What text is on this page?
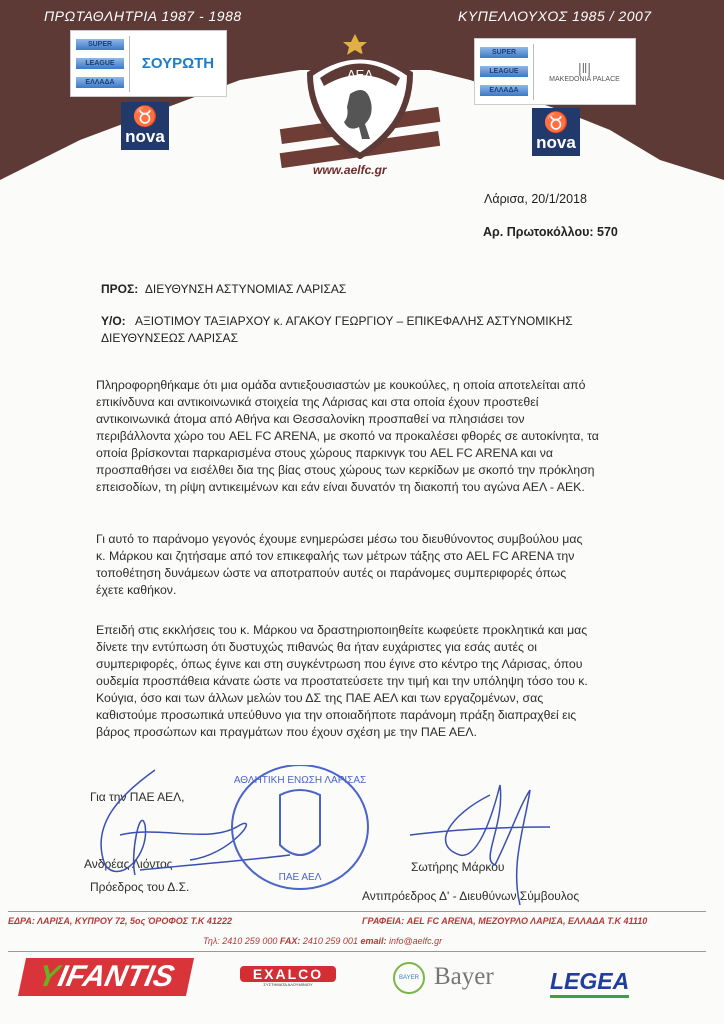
ΠΡΩΤΑΘΛΗΤΡΙΑ 1987 - 1988	ΚΥΠΕΛΛΟΥΧΟΣ 1985 / 2007
SUPER
LEAGUE
ΕΛΛΑΔΑ
ΣΟΥΡΩΤΗ
SUPER
LEAGUE
ΕΛΛΑΔΑ
|‖|
MAKEDONIA PALACE
♉
nova
♉
nova
ΑΕΛ
www.aelfc.gr
Λάρισα, 20/1/2018
Αρ. Πρωτοκόλλου: 570
ΠΡΟΣ: ΔΙΕΥΘΥΝΣΗ ΑΣΤΥΝΟΜΙΑΣ ΛΑΡΙΣΑΣ
Υ/Ο: ΑΞΙΟΤΙΜΟΥ ΤΑΞΙΑΡΧΟΥ κ. ΑΓΑΚΟΥ ΓΕΩΡΓΙΟΥ – ΕΠΙΚΕΦΑΛΗΣ ΑΣΤΥΝΟΜΙΚΗΣ
ΔΙΕΥΘΥΝΣΕΩΣ ΛΑΡΙΣΑΣ
Πληροφορηθήκαμε ότι μια ομάδα αντιεξουσιαστών με κουκούλες, η οποία αποτελείται από
επικίνδυνα και αντικοινωνικά στοιχεία της Λάρισας και στα οποία έχουν προστεθεί
αντικοινωνικά άτομα από Αθήνα και Θεσσαλονίκη προσπαθεί να πλησιάσει τον
περιβάλλοντα χώρο του AEL FC ARENA, με σκοπό να προκαλέσει φθορές σε αυτοκίνητα, τα
οποία βρίσκονται παρκαρισμένα στους χώρους παρκινγκ του AEL FC ARENA και να
προσπαθήσει να εισέλθει δια της βίας στους χώρους των κερκίδων με σκοπό την πρόκληση
επεισοδίων, τη ρίψη αντικειμένων και εάν είναι δυνατόν τη διακοπή του αγώνα ΑΕΛ - ΑΕΚ.
Γι αυτό το παράνομο γεγονός έχουμε ενημερώσει μέσω του διευθύνοντος συμβούλου μας
κ. Μάρκου και ζητήσαμε από τον επικεφαλής των μέτρων τάξης στο AEL FC ARENA την
τοποθέτηση δυνάμεων ώστε να αποτραπούν αυτές οι παράνομες συμπεριφορές όπως
έχετε καθήκον.
Επειδή στις εκκλήσεις του κ. Μάρκου να δραστηριοποιηθείτε κωφεύετε προκλητικά και μας
δίνετε την εντύπωση ότι δυστυχώς πιθανώς θα ήταν ευχάριστες για εσάς αυτές οι
συμπεριφορές, όπως έγινε και στη συγκέντρωση που έγινε στο κέντρο της Λάρισας, όπου
ουδεμία προσπάθεια κάνατε ώστε να προστατεύσετε την τιμή και την υπόληψη τόσο του κ.
Κούγια, όσο και των άλλων μελών του ΔΣ της ΠΑΕ ΑΕΛ και των εργαζομένων, σας
καθιστούμε προσωπικά υπεύθυνο για την οποιαδήποτε παράνομη πράξη διαπραχθεί εις
βάρος προσώπων και πραγμάτων που έχουν σχέση με την ΠΑΕ ΑΕΛ.
Για την ΠΑΕ ΑΕΛ,
Ανδρέας Λιόντος
Πρόεδρος του Δ.Σ.
Σωτήρης Μάρκου
Αντιπρόεδρος Δ' - Διευθύνων Σύμβουλος
ΑΘΛΗΤΙΚΗ ΕΝΩΣΗ ΛΑΡΙΣΑΣ
ΠΑΕ ΑΕΛ
ΕΔΡΑ: ΛΑΡΙΣΑ, ΚΥΠΡΟΥ 72, 5ος ΌΡΟΦΟΣ Τ.Κ 41222	ΓΡΑΦΕΙΑ: AEL FC ARENA, ΜΕΖΟΥΡΛΟ ΛΑΡΙΣΑ, ΕΛΛΑΔΑ Τ.Κ 41110
Τηλ: 2410 259 000 FAX: 2410 259 001 email: info@aelfc.gr
YIFANTIS	EXALCO
ΣΥΣΤΗΜΑΤΑ ΑΛΟΥΜΙΝΙΟΥ
BAYER Bayer LEGEA
